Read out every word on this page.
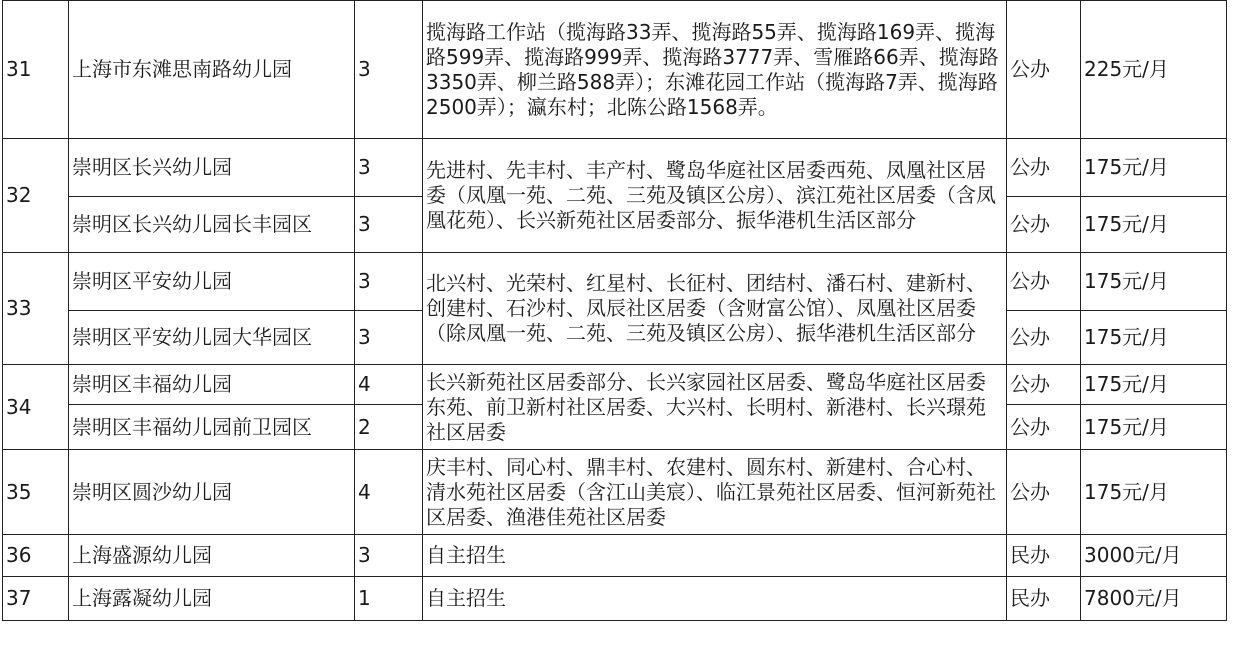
31	上海市东滩思南路幼儿园	3	揽海路工作站（揽海路33弄、揽海路55弄、揽海路169弄、揽海路599弄、揽海路999弄、揽海路3777弄、雪雁路66弄、揽海路3350弄、柳兰路588弄）；东滩花园工作站（揽海路7弄、揽海路2500弄）；瀛东村；北陈公路1568弄。	公办	225元/月
32	崇明区长兴幼儿园	3	先进村、先丰村、丰产村、鹭岛华庭社区居委西苑、凤凰社区居委（凤凰一苑、二苑、三苑及镇区公房）、滨江苑社区居委（含凤凰花苑）、长兴新苑社区居委部分、振华港机生活区部分	公办	175元/月
	崇明区长兴幼儿园长丰园区	3		公办	175元/月
33	崇明区平安幼儿园	3	北兴村、光荣村、红星村、长征村、团结村、潘石村、建新村、创建村、石沙村、凤辰社区居委（含财富公馆）、凤凰社区居委（除凤凰一苑、二苑、三苑及镇区公房）、振华港机生活区部分	公办	175元/月
	崇明区平安幼儿园大华园区	3		公办	175元/月
34	崇明区丰福幼儿园	4	长兴新苑社区居委部分、长兴家园社区居委、鹭岛华庭社区居委东苑、前卫新村社区居委、大兴村、长明村、新港村、长兴璟苑社区居委	公办	175元/月
	崇明区丰福幼儿园前卫园区	2		公办	175元/月
35	崇明区圆沙幼儿园	4	庆丰村、同心村、鼎丰村、农建村、圆东村、新建村、合心村、清水苑社区居委（含江山美宸）、临江景苑社区居委、恒河新苑社区居委、渔港佳苑社区居委	公办	175元/月
36	上海盛源幼儿园	3	自主招生	民办	3000元/月
37	上海露凝幼儿园	1	自主招生	民办	7800元/月
